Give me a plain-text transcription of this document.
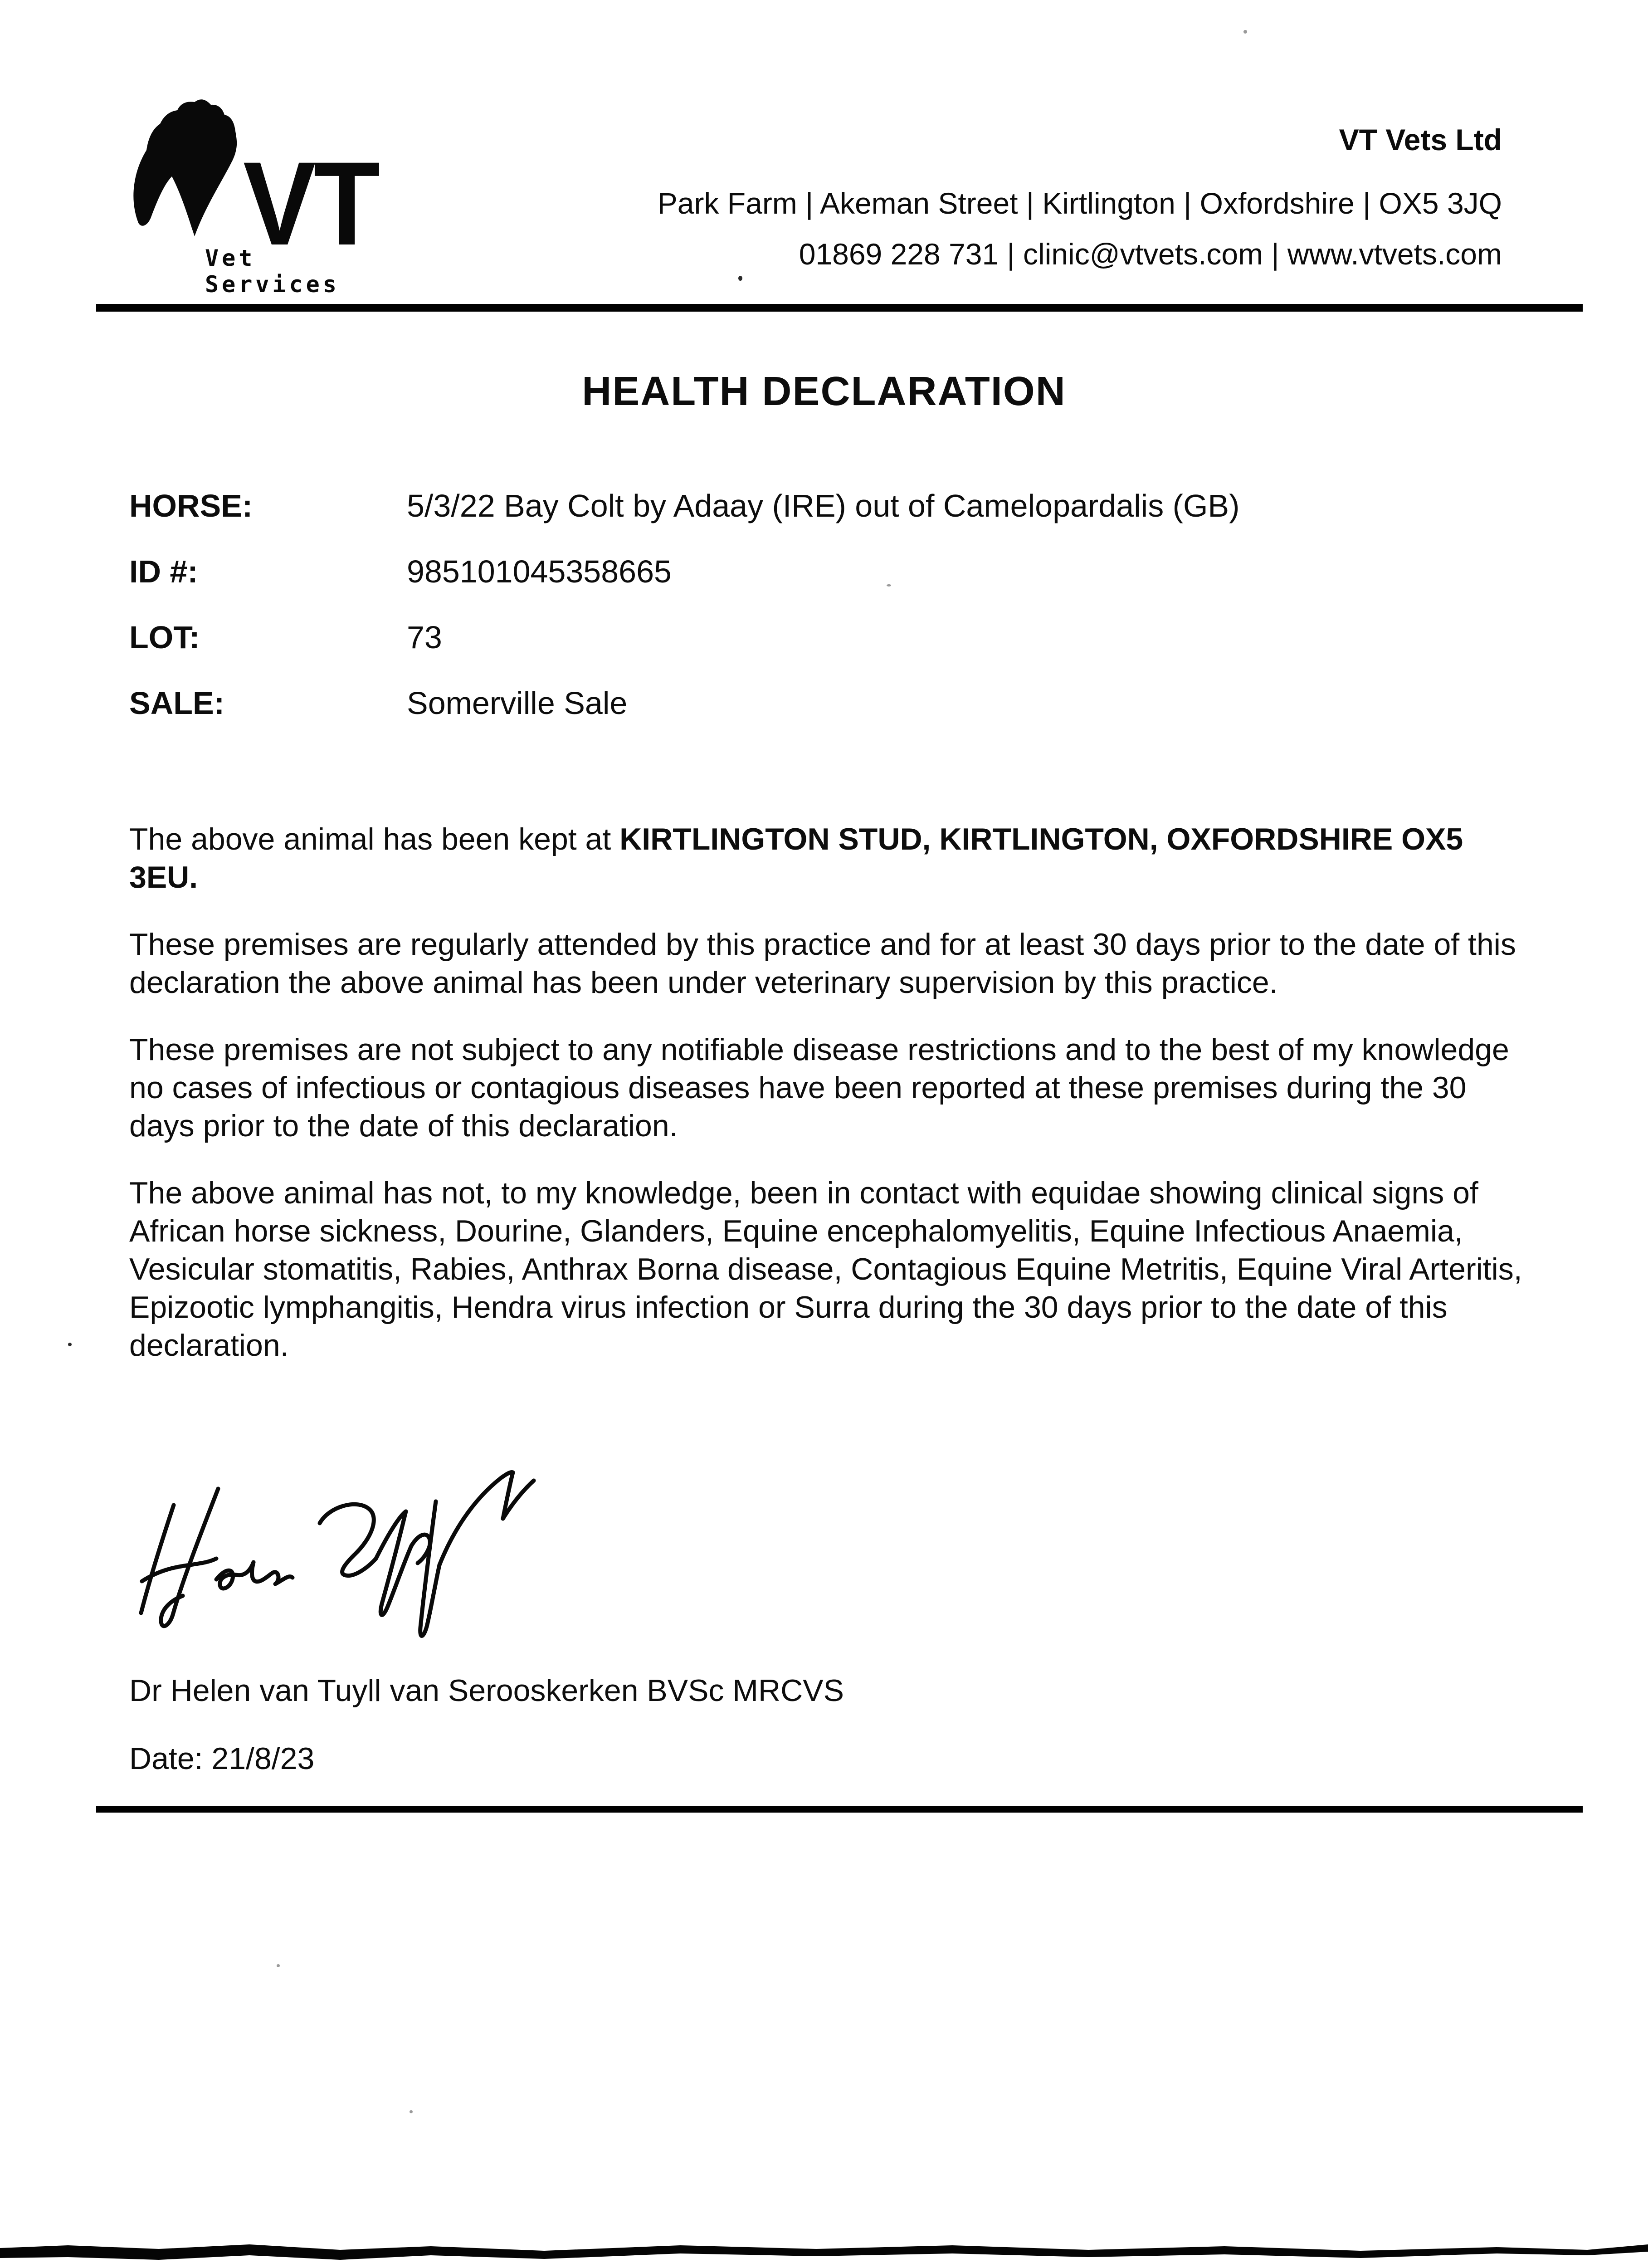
VT
Vet Services
VT Vets Ltd
Park Farm | Akeman Street | Kirtlington | Oxfordshire | OX5 3JQ
01869 228 731 | clinic@vtvets.com | www.vtvets.com
HEALTH DECLARATION
HORSE:	5/3/22 Bay Colt by Adaay (IRE) out of Camelopardalis (GB)
ID #:	985101045358665
LOT:	73
SALE:	Somerville Sale

The above animal has been kept at KIRTLINGTON STUD, KIRTLINGTON, OXFORDSHIRE OX5 3EU.

These premises are regularly attended by this practice and for at least 30 days prior to the date of this declaration the above animal has been under veterinary supervision by this practice.

These premises are not subject to any notifiable disease restrictions and to the best of my knowledge no cases of infectious or contagious diseases have been reported at these premises during the 30 days prior to the date of this declaration.

The above animal has not, to my knowledge, been in contact with equidae showing clinical signs of African horse sickness, Dourine, Glanders, Equine encephalomyelitis, Equine Infectious Anaemia, Vesicular stomatitis, Rabies, Anthrax Borna disease, Contagious Equine Metritis, Equine Viral Arteritis, Epizootic lymphangitis, Hendra virus infection or Surra during the 30 days prior to the date of this declaration.

Dr Helen van Tuyll van Serooskerken BVSc MRCVS
Date: 21/8/23
